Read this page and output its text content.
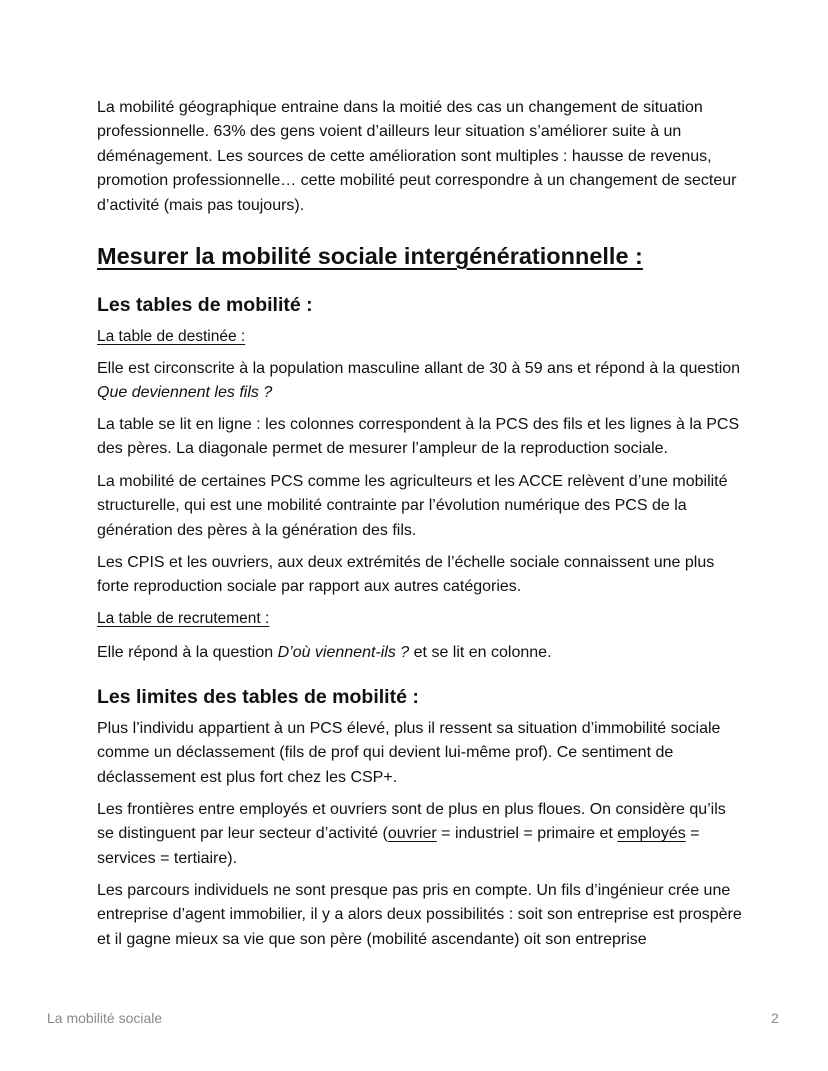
La mobilité géographique entraine dans la moitié des cas un changement de situation professionnelle. 63% des gens voient d’ailleurs leur situation s’améliorer suite à un déménagement. Les sources de cette amélioration sont multiples : hausse de revenus, promotion professionnelle… cette mobilité peut correspondre à un changement de secteur d’activité (mais pas toujours).

Mesurer la mobilité sociale intergénérationnelle :
Les tables de mobilité :
La table de destinée :

Elle est circonscrite à la population masculine allant de 30 à 59 ans et répond à la question Que deviennent les fils ?

La table se lit en ligne : les colonnes correspondent à la PCS des fils et les lignes à la PCS des pères. La diagonale permet de mesurer l’ampleur de la reproduction sociale.

La mobilité de certaines PCS comme les agriculteurs et les ACCE relèvent d’une mobilité structurelle, qui est une mobilité contrainte par l’évolution numérique des PCS de la génération des pères à la génération des fils.

Les CPIS et les ouvriers, aux deux extrémités de l’échelle sociale connaissent une plus forte reproduction sociale par rapport aux autres catégories.

La table de recrutement :

Elle répond à la question D’où viennent-ils ? et se lit en colonne.

Les limites des tables de mobilité :

Plus l’individu appartient à un PCS élevé, plus il ressent sa situation d’immobilité sociale comme un déclassement (fils de prof qui devient lui-même prof). Ce sentiment de déclassement est plus fort chez les CSP+.

Les frontières entre employés et ouvriers sont de plus en plus floues. On considère qu’ils se distinguent par leur secteur d’activité (ouvrier = industriel = primaire et employés = services = tertiaire).

Les parcours individuels ne sont presque pas pris en compte. Un fils d’ingénieur crée une entreprise d’agent immobilier, il y a alors deux possibilités : soit son entreprise est prospère et il gagne mieux sa vie que son père (mobilité ascendante) oit son entreprise

La mobilité sociale	2
